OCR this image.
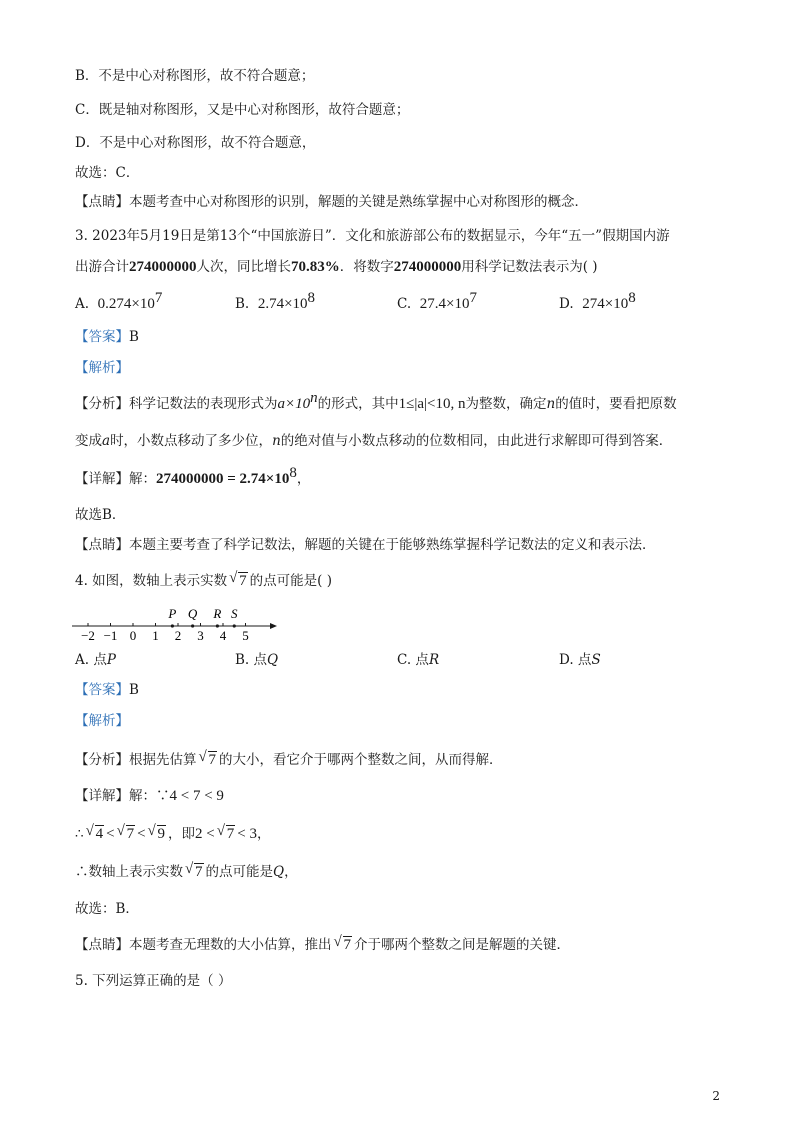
B．不是中心对称图形，故不符合题意；
C．既是轴对称图形，又是中心对称图形，故符合题意；
D．不是中心对称图形，故不符合题意，
故选：C．
【点睛】本题考查中心对称图形的识别，解题的关键是熟练掌握中心对称图形的概念．
3. 2023年5月19日是第13个“中国旅游日”．文化和旅游部公布的数据显示，今年“五一”假期国内游
出游合计274000000人次，同比增长70.83%．将数字274000000用科学记数法表示为( )
A. $0.274\times 10^7$	B. $2.74\times 10^8$	C. $27.4\times 10^7$	D. $274\times 10^8$
【答案】B
【解析】
【分析】科学记数法的表现形式为$a\times 10^n$的形式，其中1≤|a|<10, n为整数，确定n的值时，要看把原数
变成a时，小数点移动了多少位，n的绝对值与小数点移动的位数相同，由此进行求解即可得到答案．
【详解】解：$274000000 = 2.74\times 10^8$，
故选B．
【点睛】本题主要考查了科学记数法，解题的关键在于能够熟练掌握科学记数法的定义和表示法．
4. 如图，数轴上表示实数 √ 7 的点可能是( )
−2 −1 0 1 2 3 4 5
P Q R S
A. 点P	B. 点Q	C. 点R	D. 点S
【答案】B
【解析】
【分析】根据先估算 √ 7 的大小，看它介于哪两个整数之间，从而得解．
【详解】解：∵4 < 7 < 9
∴ √ 4 < √ 7 < √ 9 ，即2 < √ 7 < 3，
∴数轴上表示实数 √ 7 的点可能是Q，
故选：B．
【点睛】本题考查无理数的大小估算，推出 √ 7 介于哪两个整数之间是解题的关键．
5. 下列运算正确的是（ ）
2
